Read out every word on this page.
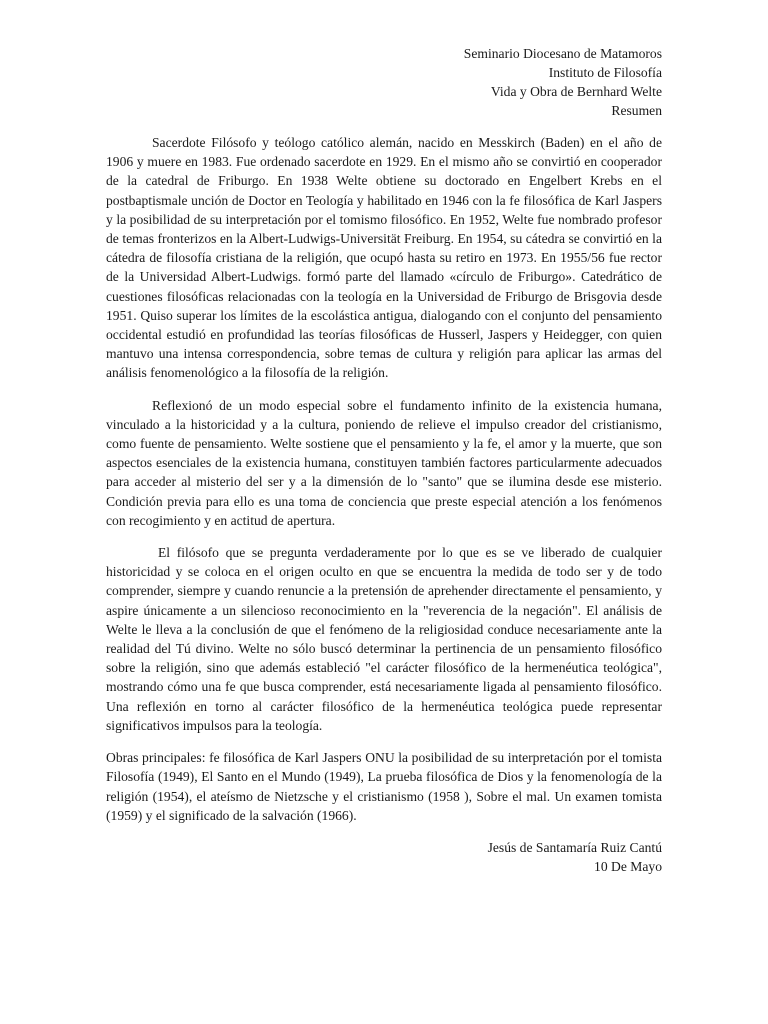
Seminario Diocesano de Matamoros
Instituto de Filosofía
Vida y Obra de Bernhard Welte
Resumen

Sacerdote Filósofo y teólogo católico alemán, nacido en Messkirch (Baden) en el año de 1906 y muere en 1983. Fue ordenado sacerdote en 1929. En el mismo año se convirtió en cooperador de la catedral de Friburgo. En 1938 Welte obtiene su doctorado en Engelbert Krebs en el postbaptismale unción de Doctor en Teología y habilitado en 1946 con la fe filosófica de Karl Jaspers y la posibilidad de su interpretación por el tomismo filosófico. En 1952, Welte fue nombrado profesor de temas fronterizos en la Albert-Ludwigs-Universität Freiburg. En 1954, su cátedra se convirtió en la cátedra de filosofía cristiana de la religión, que ocupó hasta su retiro en 1973. En 1955/56 fue rector de la Universidad Albert-Ludwigs. formó parte del llamado «círculo de Friburgo». Catedrático de cuestiones filosóficas relacionadas con la teología en la Universidad de Friburgo de Brisgovia desde 1951. Quiso superar los límites de la escolástica antigua, dialogando con el conjunto del pensamiento occidental estudió en profundidad las teorías filosóficas de Husserl, Jaspers y Heidegger, con quien mantuvo una intensa correspondencia, sobre temas de cultura y religión para aplicar las armas del análisis fenomenológico a la filosofía de la religión.

Reflexionó de un modo especial sobre el fundamento infinito de la existencia humana, vinculado a la historicidad y a la cultura, poniendo de relieve el impulso creador del cristianismo, como fuente de pensamiento. Welte sostiene que el pensamiento y la fe, el amor y la muerte, que son aspectos esenciales de la existencia humana, constituyen también factores particularmente adecuados para acceder al misterio del ser y a la dimensión de lo "santo" que se ilumina desde ese misterio. Condición previa para ello es una toma de conciencia que preste especial atención a los fenómenos con recogimiento y en actitud de apertura.

El filósofo que se pregunta verdaderamente por lo que es se ve liberado de cualquier historicidad y se coloca en el origen oculto en que se encuentra la medida de todo ser y de todo comprender, siempre y cuando renuncie a la pretensión de aprehender directamente el pensamiento, y aspire únicamente a un silencioso reconocimiento en la "reverencia de la negación". El análisis de Welte le lleva a la conclusión de que el fenómeno de la religiosidad conduce necesariamente ante la realidad del Tú divino. Welte no sólo buscó determinar la pertinencia de un pensamiento filosófico sobre la religión, sino que además estableció "el carácter filosófico de la hermenéutica teológica", mostrando cómo una fe que busca comprender, está necesariamente ligada al pensamiento filosófico. Una reflexión en torno al carácter filosófico de la hermenéutica teológica puede representar significativos impulsos para la teología.

Obras principales: fe filosófica de Karl Jaspers ONU la posibilidad de su interpretación por el tomista Filosofía (1949), El Santo en el Mundo (1949), La prueba filosófica de Dios y la fenomenología de la religión (1954), el ateísmo de Nietzsche y el cristianismo (1958 ), Sobre el mal. Un examen tomista (1959) y el significado de la salvación (1966).

Jesús de Santamaría Ruiz Cantú
10 De Mayo
